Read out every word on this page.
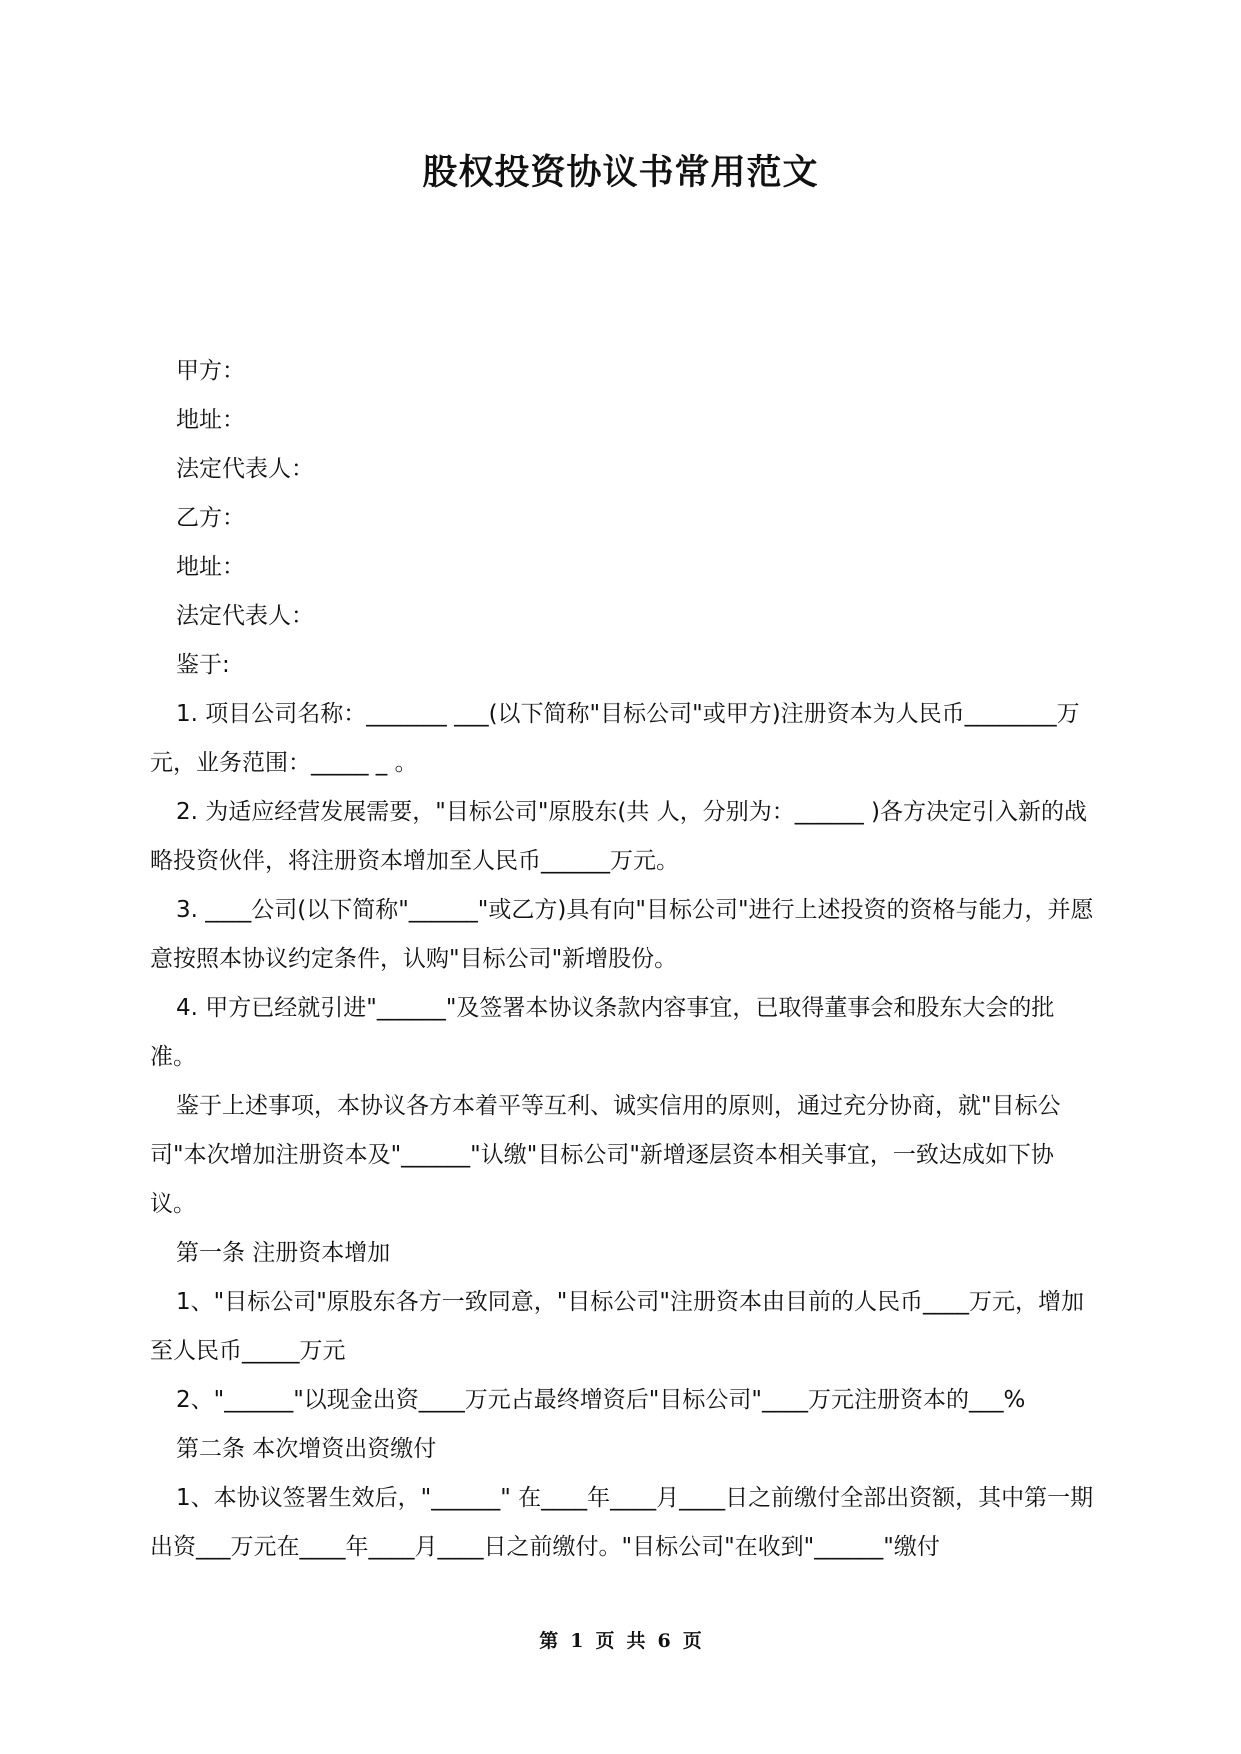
股权投资协议书常用范文

甲方：

地址：

法定代表人：

乙方：

地址：

法定代表人：

鉴于:

1. 项目公司名称：_______ ___(以下简称"目标公司"或甲方)注册资本为人民币________万元，业务范围：_____ _ 。

2. 为适应经营发展需要，"目标公司"原股东(共 人，分别为：______ )各方决定引入新的战略投资伙伴，将注册资本增加至人民币______万元。

3. ____公司(以下简称"______"或乙方)具有向"目标公司"进行上述投资的资格与能力，并愿意按照本协议约定条件，认购"目标公司"新增股份。

4. 甲方已经就引进"______"及签署本协议条款内容事宜，已取得董事会和股东大会的批准。

鉴于上述事项，本协议各方本着平等互利、诚实信用的原则，通过充分协商，就"目标公司"本次增加注册资本及"______"认缴"目标公司"新增逐层资本相关事宜，一致达成如下协议。

第一条 注册资本增加

1、"目标公司"原股东各方一致同意，"目标公司"注册资本由目前的人民币____万元，增加至人民币_____万元

2、"______"以现金出资____万元占最终增资后"目标公司"____万元注册资本的___%

第二条 本次增资出资缴付

1、本协议签署生效后，"______" 在____年____月____日之前缴付全部出资额，其中第一期出资___万元在____年____月____日之前缴付。"目标公司"在收到"______"缴付

第 1 页 共 6 页
